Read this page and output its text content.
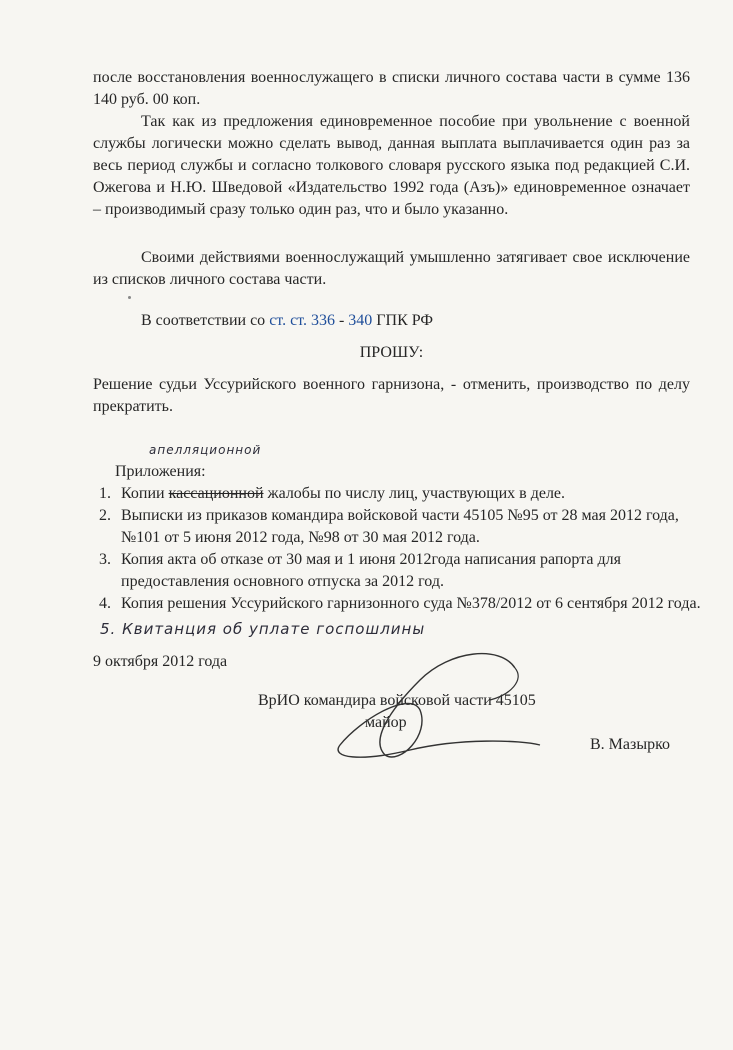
после восстановления военнослужащего в списки личного состава части в сумме 136 140 руб. 00 коп.
Так как из предложения единовременное пособие при увольнение с военной службы логически можно сделать вывод, данная выплата выплачивается один раз за весь период службы и согласно толкового словаря русского языка под редакцией С.И. Ожегова и Н.Ю. Шведовой «Издательство 1992 года (Азъ)» единовременное означает – производимый сразу только один раз, что и было указанно.
Своими действиями военнослужащий умышленно затягивает свое исключение из списков личного состава части.
В соответствии со ст. ст. 336 - 340 ГПК РФ
ПРОШУ:
Решение судьи Уссурийского военного гарнизона, - отменить, производство по делу прекратить.
апелляционной
Приложения:
1. Копии кассационной жалобы по числу лиц, участвующих в деле.
2. Выписки из приказов командира войсковой части 45105 №95 от 28 мая 2012 года, №101 от 5 июня 2012 года, №98 от 30 мая 2012 года.
3. Копия акта об отказе от 30 мая и 1 июня 2012года написания рапорта для предоставления основного отпуска за 2012 год.
4. Копия решения Уссурийского гарнизонного суда №378/2012 от 6 сентября 2012 года.
5. Квитанция об уплате госпошлины
9 октября 2012 года
ВрИО командира войсковой части 45105
майор
В. Мазырко
